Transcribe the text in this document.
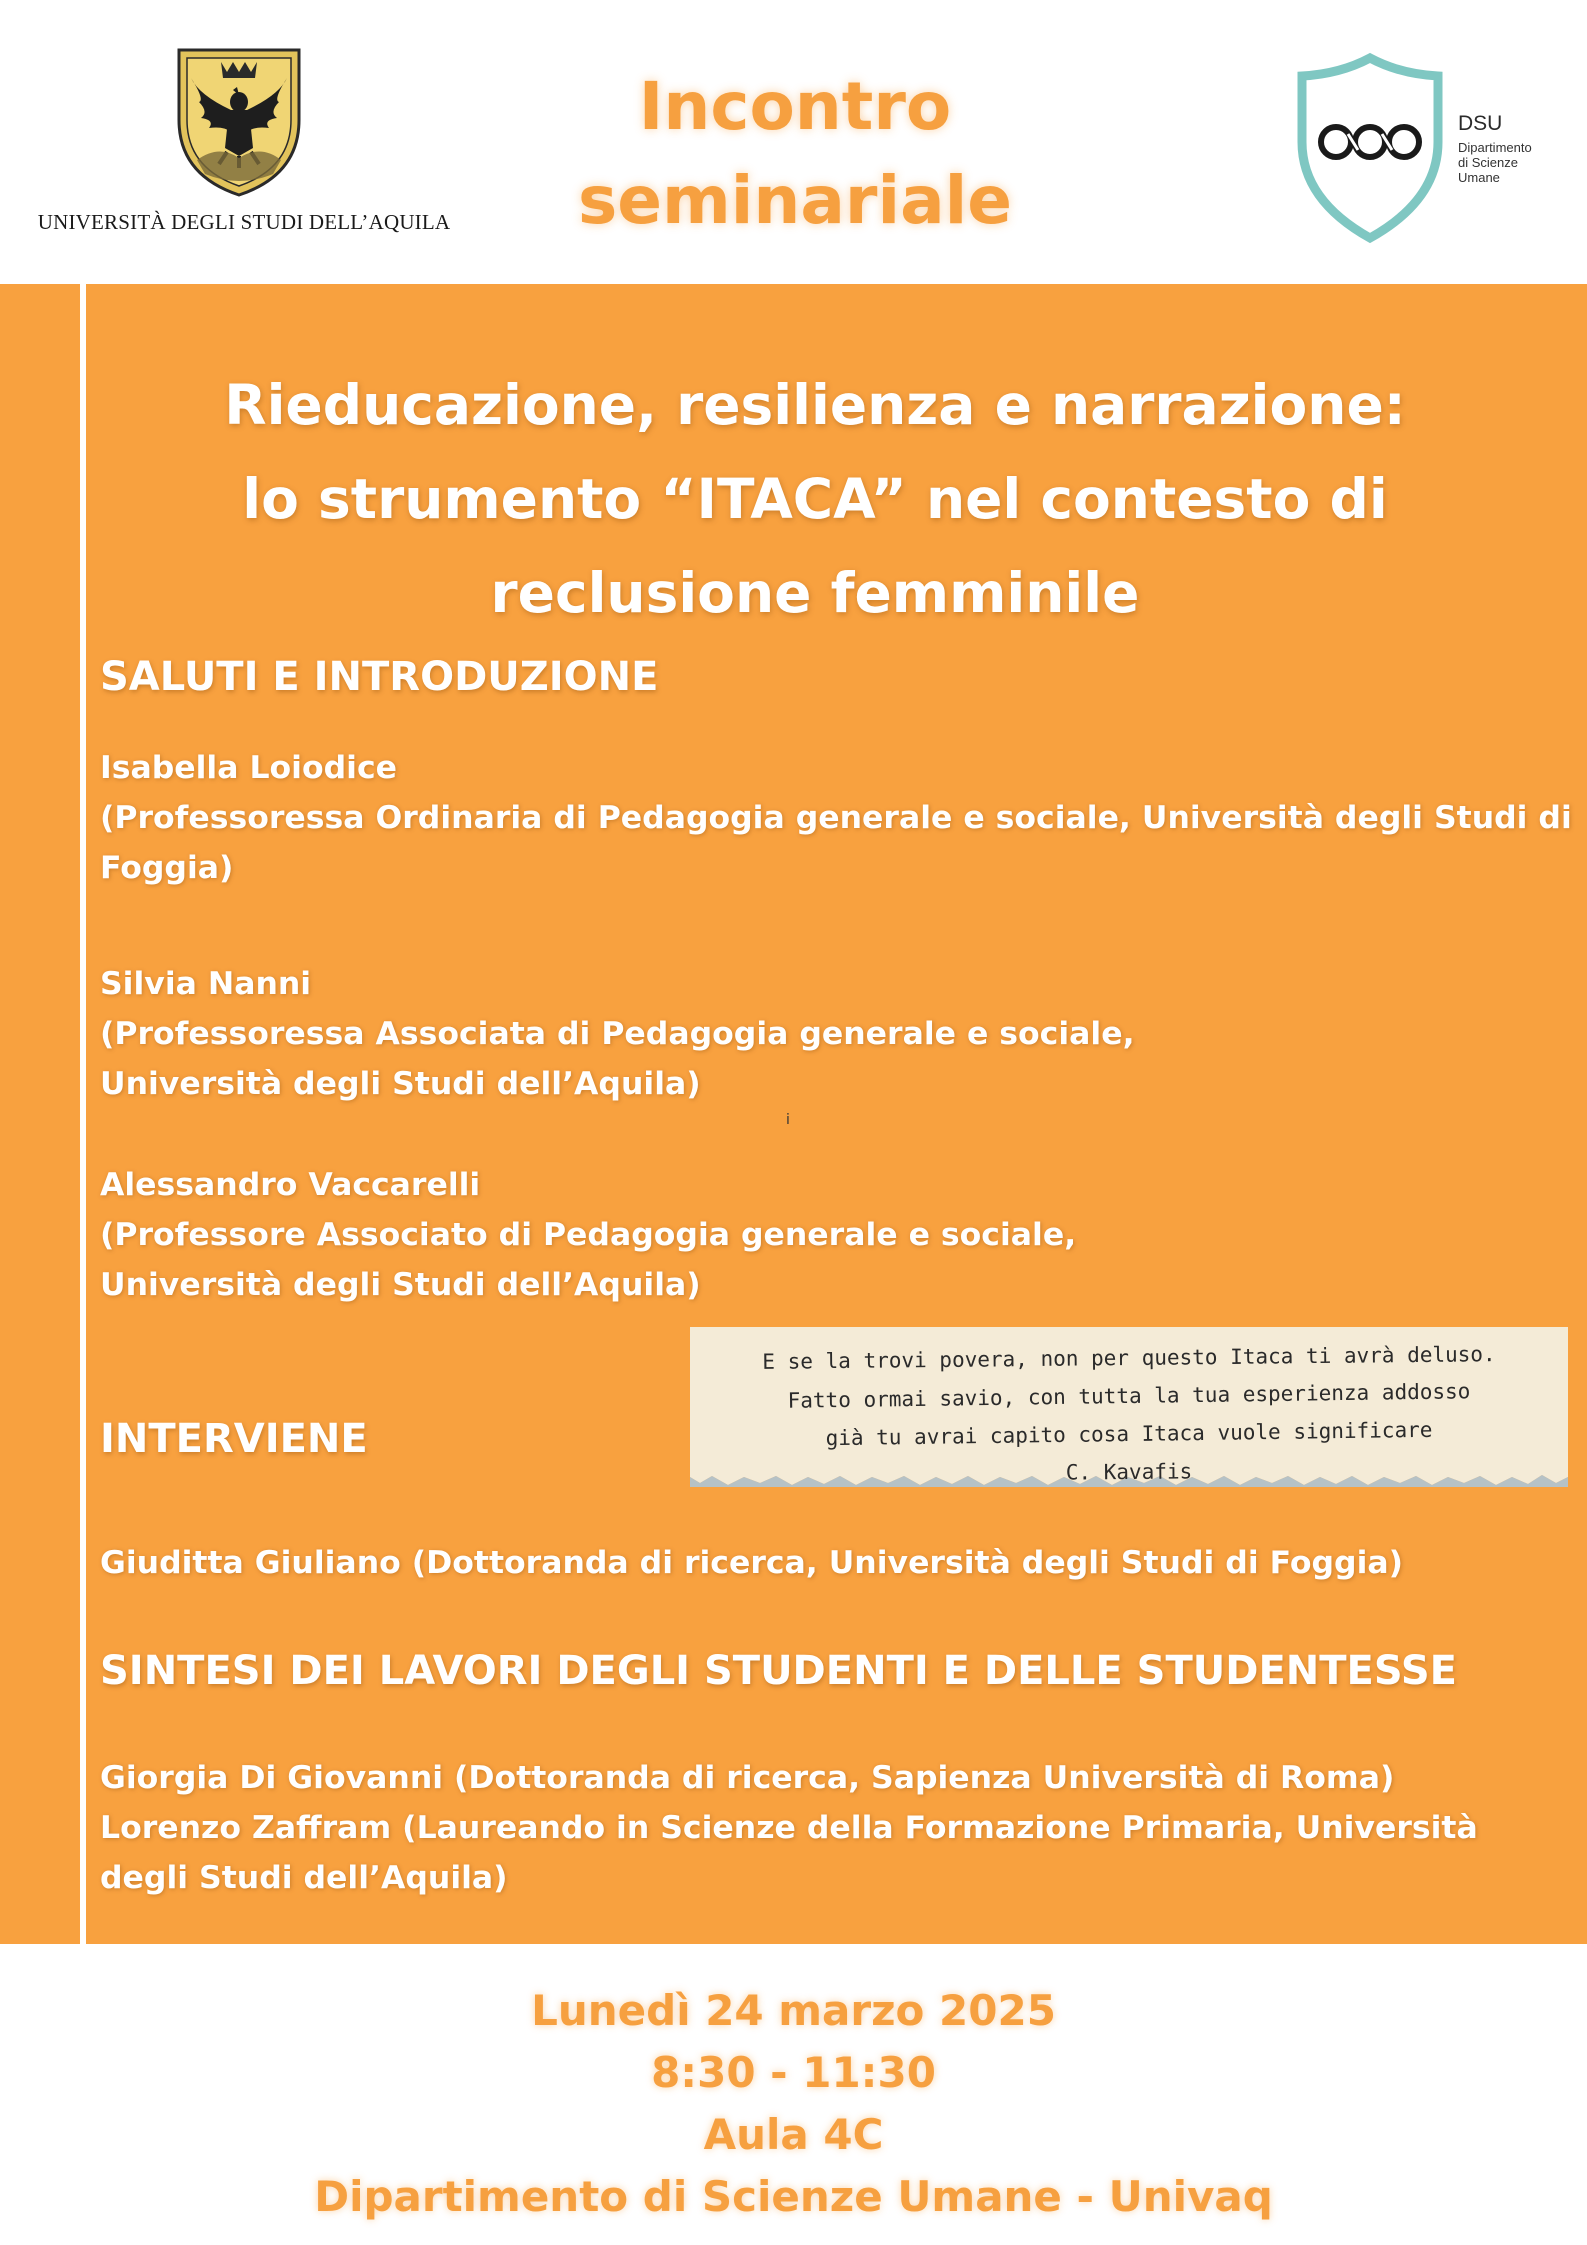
UNIVERSITÀ DEGLI STUDI DELL’AQUILA
Incontro
seminariale
DSU
Dipartimento
di Scienze
Umane
Rieducazione, resilienza e narrazione:
lo strumento “ITACA” nel contesto di
reclusione femminile
SALUTI E INTRODUZIONE
Isabella Loiodice
(Professoressa Ordinaria di Pedagogia generale e sociale, Università degli Studi di
Foggia)
Silvia Nanni
(Professoressa Associata di Pedagogia generale e sociale,
Università degli Studi dell’Aquila)
i
Alessandro Vaccarelli
(Professore Associato di Pedagogia generale e sociale,
Università degli Studi dell’Aquila)
E se la trovi povera, non per questo Itaca ti avrà deluso.
Fatto ormai savio, con tutta la tua esperienza addosso
già tu avrai capito cosa Itaca vuole significare
C. Kavafis
INTERVIENE
Giuditta Giuliano (Dottoranda di ricerca, Università degli Studi di Foggia)
SINTESI DEI LAVORI DEGLI STUDENTI E DELLE STUDENTESSE
Giorgia Di Giovanni (Dottoranda di ricerca, Sapienza Università di Roma)
Lorenzo Zaffram (Laureando in Scienze della Formazione Primaria, Università
degli Studi dell’Aquila)
Lunedì 24 marzo 2025
8:30 - 11:30
Aula 4C
Dipartimento di Scienze Umane - Univaq
